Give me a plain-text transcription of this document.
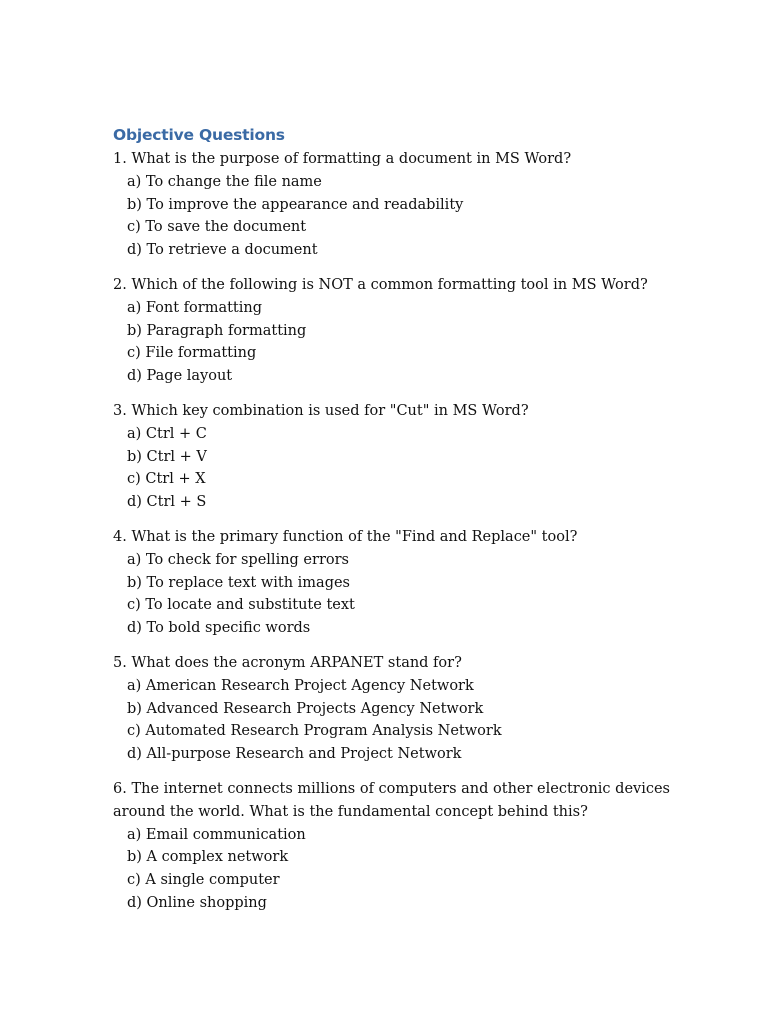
Objective Questions
1. What is the purpose of formatting a document in MS Word?
a) To change the file name
b) To improve the appearance and readability
c) To save the document
d) To retrieve a document
2. Which of the following is NOT a common formatting tool in MS Word?
a) Font formatting
b) Paragraph formatting
c) File formatting
d) Page layout
3. Which key combination is used for "Cut" in MS Word?
a) Ctrl + C
b) Ctrl + V
c) Ctrl + X
d) Ctrl + S
4. What is the primary function of the "Find and Replace" tool?
a) To check for spelling errors
b) To replace text with images
c) To locate and substitute text
d) To bold specific words
5. What does the acronym ARPANET stand for?
a) American Research Project Agency Network
b) Advanced Research Projects Agency Network
c) Automated Research Program Analysis Network
d) All-purpose Research and Project Network
6. The internet connects millions of computers and other electronic devices around the world. What is the fundamental concept behind this?
a) Email communication
b) A complex network
c) A single computer
d) Online shopping
